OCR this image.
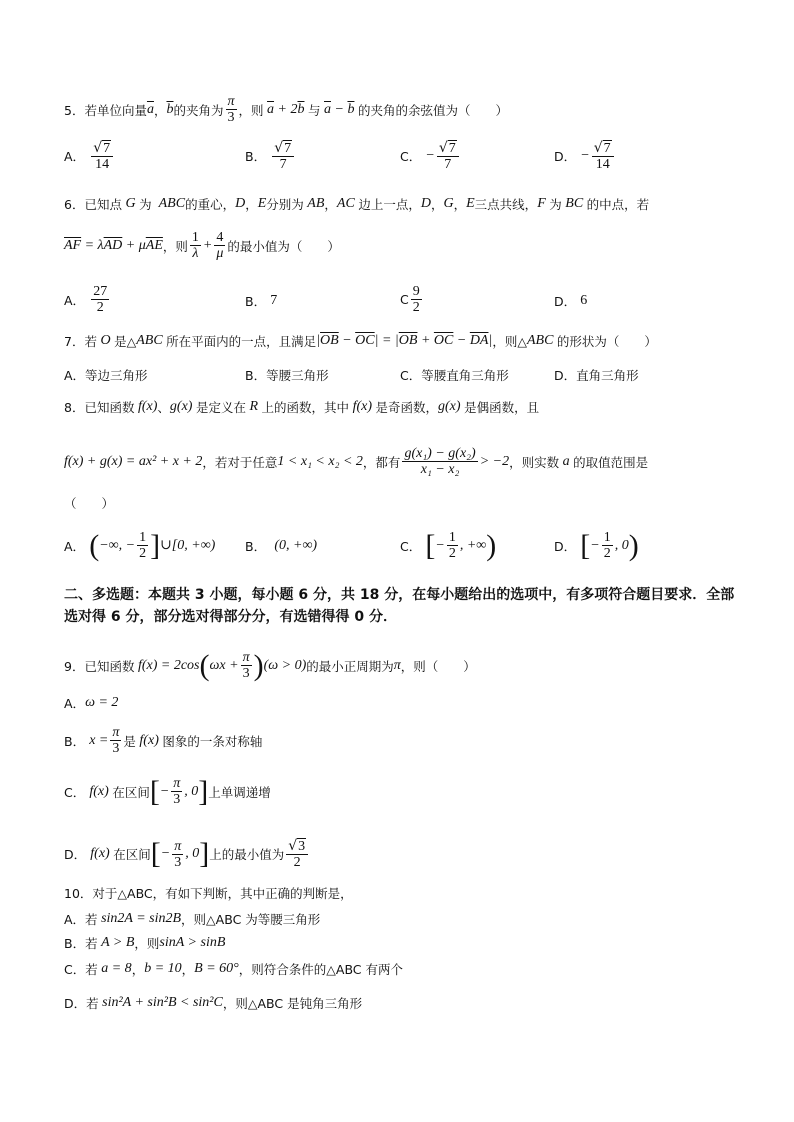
5． 若单位向量 $\overline{a}$ ， $\overline{b}$ 的夹角为 $\frac{\pi}{3}$ ，则 $\overline{a} + 2\overline{b}$ 与 $\overline{a} - \overline{b}$ 的夹角的余弦值为（　　）
A．
$\frac{√ 7}{14}$	B．
$\frac{√ 7}{7}$	C．
− $\frac{√ 7}{7}$	D．
− $\frac{√ 7}{14}$
6． 已知点 G 为 ABC 的重心， D ， E 分别为 AB ， AC 边上一点， D ， G ， E 三点共线， F 为 BC 的中点，若
$\overline{AF} = \lambda\overline{AD} + \mu\overline{AE}$ ，则 $\frac{1}{\lambda} + \frac{4}{\mu}$ 的最小值为（　　）
A．
$\frac{27}{2}$	B．
7	C $\frac{9}{2}$	D．
6
7． 若 O 是△ ABC 所在平面内的一点，且满足 $|\overline{OB} - \overline{OC}| = |\overline{OB} + \overline{OC} - \overline{DA}|$ ，则△ ABC 的形状为（　　）
A．等边三角形	B．等腰三角形	C．等腰直角三角形	D．直角三角形
8． 已知函数 f(x) 、 g(x) 是定义在 R 上的函数，其中 f(x) 是奇函数， g(x) 是偶函数，且
f(x) + g(x) = ax² + x + 2 ，若对于任意 1 < x₁ < x₂ < 2 ，都有 $\frac{\text{g(x₁) − g(x₂)}}{\text{x₁ − x₂}} > -2$ ，则实数 a 的取值范围是
（　　）
A．
( −∞, − $\frac{1}{2}$ ] ∪[0, +∞) B．
(0, +∞)	C．
[ − $\frac{1}{2}$ , +∞ )	D．
[ − $\frac{1}{2}$ , 0 )
二、多选题：本题共 3 小题，每小题 6 分，共 18 分，在每小题给出的选项中，有多项符合题目要求．全部选对得 6 分，部分选对得部分分，有选错得得 0 分．
9． 已知函数 f(x) = 2cos ( $\omega x + \frac{\pi}{3}$ ) (ω > 0) 的最小正周期为 π ，则（　　）
A． ω = 2
B．
$x = \frac{\pi}{3}$ 是 f(x) 图象的一条对称轴
C．
f(x) 在区间 [ − $\frac{\pi}{3}$ , 0 ] 上单调递增
D．
f(x) 在区间 [ − $\frac{\pi}{3}$ , 0 ] 上的最小值为 $\frac{√ 3}{2}$
10．对于△ABC，有如下判断，其中正确的判断是，
A．若 sin2A = sin2B ，则△ABC 为等腰三角形
B．若 A > B ，则 sinA > sinB
C．若 a = 8 ， b = 10 ， B = 60° ，则符合条件的△ABC 有两个
D．若 sin²A + sin²B < sin²C ，则△ABC 是钝角三角形
